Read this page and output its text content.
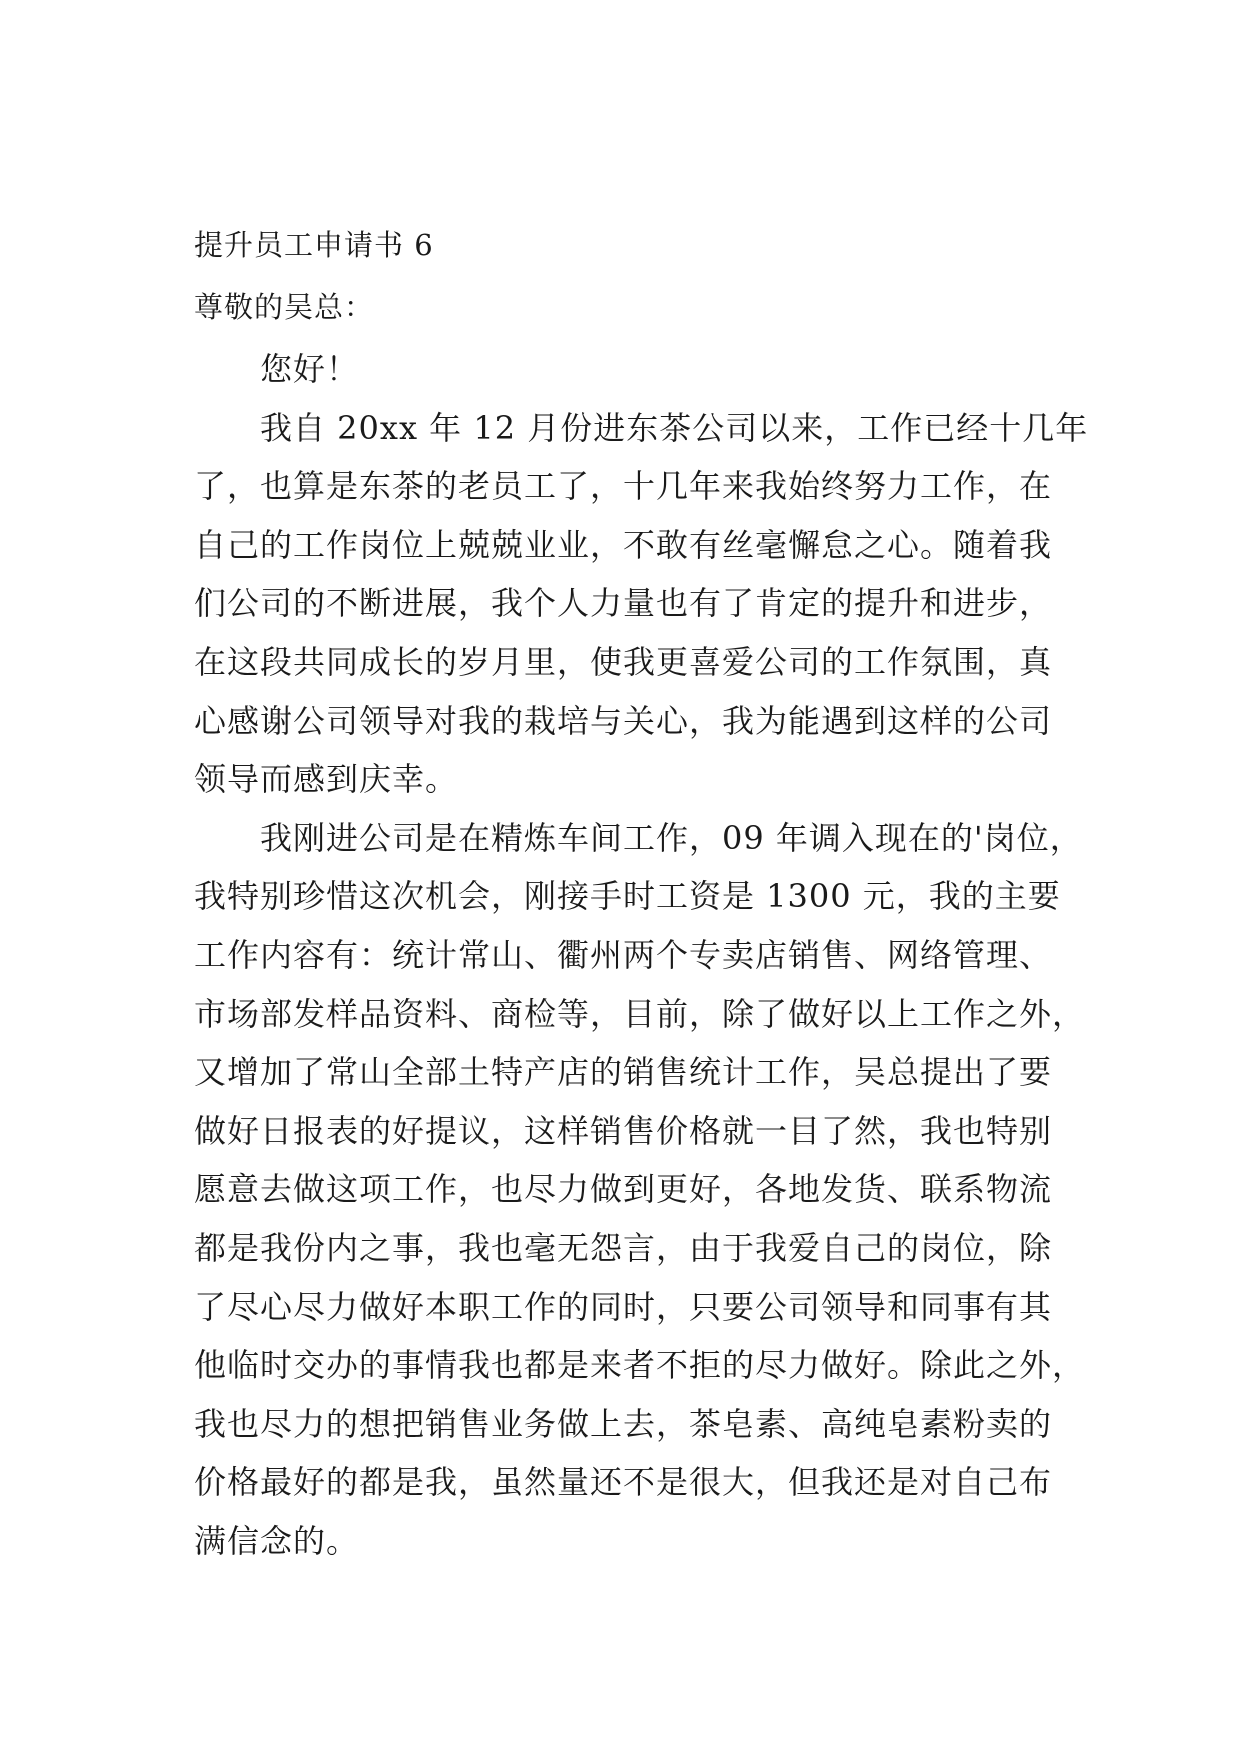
提升员工申请书 6
尊敬的吴总：
　　您好！
　　我自 20xx 年 12 月份进东茶公司以来，工作已经十几年
了，也算是东茶的老员工了，十几年来我始终努力工作，在
自己的工作岗位上兢兢业业，不敢有丝毫懈怠之心。随着我
们公司的不断进展，我个人力量也有了肯定的提升和进步，
在这段共同成长的岁月里，使我更喜爱公司的工作氛围，真
心感谢公司领导对我的栽培与关心，我为能遇到这样的公司
领导而感到庆幸。
　　我刚进公司是在精炼车间工作，09 年调入现在的'岗位，
我特别珍惜这次机会，刚接手时工资是 1300 元，我的主要
工作内容有：统计常山、衢州两个专卖店销售、网络管理、
市场部发样品资料、商检等，目前，除了做好以上工作之外，
又增加了常山全部土特产店的销售统计工作，吴总提出了要
做好日报表的好提议，这样销售价格就一目了然，我也特别
愿意去做这项工作，也尽力做到更好，各地发货、联系物流
都是我份内之事，我也毫无怨言，由于我爱自己的岗位，除
了尽心尽力做好本职工作的同时，只要公司领导和同事有其
他临时交办的事情我也都是来者不拒的尽力做好。除此之外，
我也尽力的想把销售业务做上去，茶皂素、高纯皂素粉卖的
价格最好的都是我，虽然量还不是很大，但我还是对自己布
满信念的。
